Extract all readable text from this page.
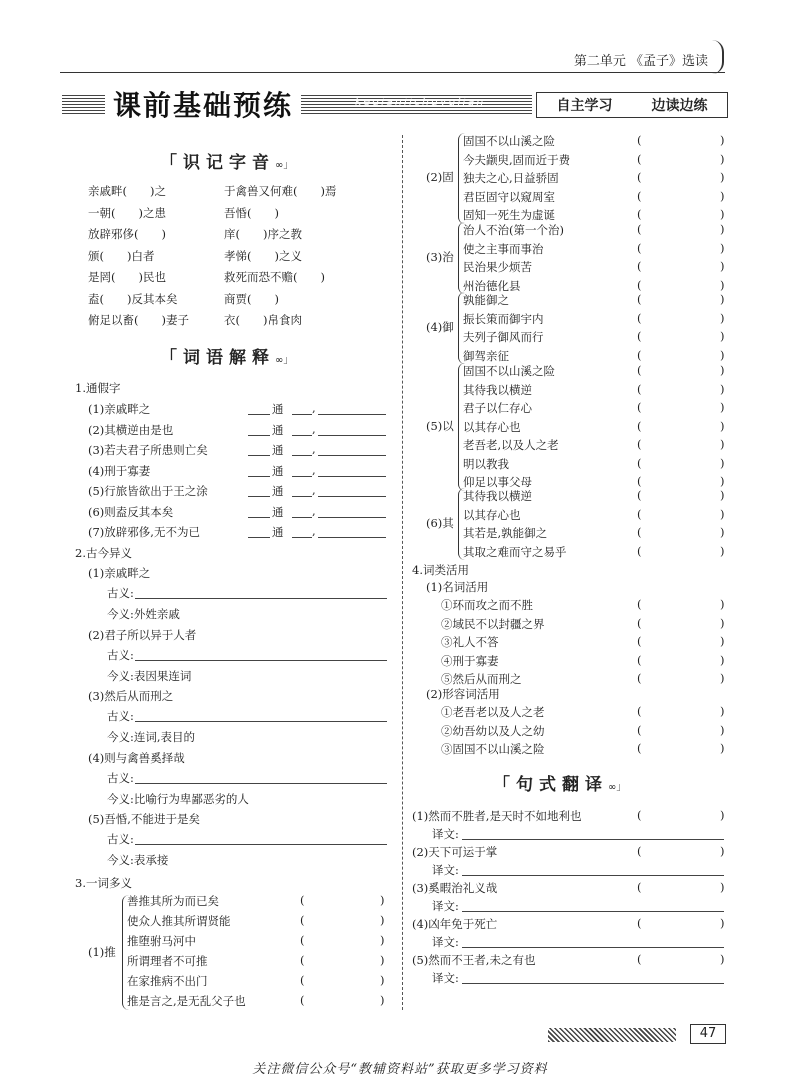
第二单元 《孟子》选读
课前基础预练	keqianjichuyulian	自主学习	边读边练
47
关注微信公众号“教辅资料站”获取更多学习资料
「识记字音∞」
亲戚畔(　　)之	于禽兽又何难(　　)焉
一朝(　　)之患	吾惛(　　)
放辟邪侈(　　)	庠(　　)序之教
颁(　　)白者	孝悌(　　)之义
是罔(　　)民也	救死而恐不赡(　　)
盍(　　)反其本矣	商贾(　　)
俯足以畜(　　)妻子	衣(　　)帛食肉
「词语解释∞」
1.通假字
(1)亲戚畔之	通 ,
(2)其横逆由是也	通 ,
(3)若夫君子所患则亡矣	通 ,
(4)刑于寡妻	通 ,
(5)行旅皆欲出于王之涂	通 ,
(6)则盍反其本矣	通 ,
(7)放辟邪侈,无不为已	通 ,
2.古今异义
(1)亲戚畔之
古义:
今义:外姓亲戚
(2)君子所以异于人者
古义:
今义:表因果连词
(3)然后从而刑之
古义:
今义:连词,表目的
(4)则与禽兽奚择哉
古义:
今义:比喻行为卑鄙恶劣的人
(5)吾惛,不能进于是矣
古义:
今义:表承接
3.一词多义
(1)推
善推其所为而已矣	(	)
使众人推其所谓贤能	(	)
推堕驸马河中	(	)
所谓理者不可推	(	)
在家推病不出门	(	)
推是言之,是无乱父子也	(	)
(2)固
固国不以山溪之险	(	)
今夫颛臾,固而近于费	(	)
独夫之心,日益骄固	(	)
君臣固守以窥周室	(	)
固知一死生为虚诞	(	)
(3)治
治人不治(第一个治)	(	)
使之主事而事治	(	)
民治果少烦苦	(	)
州治德化县	(	)
(4)御
孰能御之	(	)
振长策而御宇内	(	)
夫列子御风而行	(	)
御驾亲征	(	)
(5)以
固国不以山溪之险	(	)
其待我以横逆	(	)
君子以仁存心	(	)
以其存心也	(	)
老吾老,以及人之老	(	)
明以教我	(	)
仰足以事父母	(	)
(6)其
其待我以横逆	(	)
以其存心也	(	)
其若是,孰能御之	(	)
其取之难而守之易乎	(	)
4.词类活用
(1)名词活用
①环而攻之而不胜	(	)
②域民不以封疆之界	(	)
③礼人不答	(	)
④刑于寡妻	(	)
⑤然后从而刑之	(	)
(2)形容词活用
①老吾老以及人之老	(	)
②幼吾幼以及人之幼	(	)
③固国不以山溪之险	(	)
「句式翻译∞」
(1)然而不胜者,是天时不如地利也	(	)
译文:
(2)天下可运于掌	(	)
译文:
(3)奚暇治礼义哉	(	)
译文:
(4)凶年免于死亡	(	)
译文:
(5)然而不王者,未之有也	(	)
译文:
